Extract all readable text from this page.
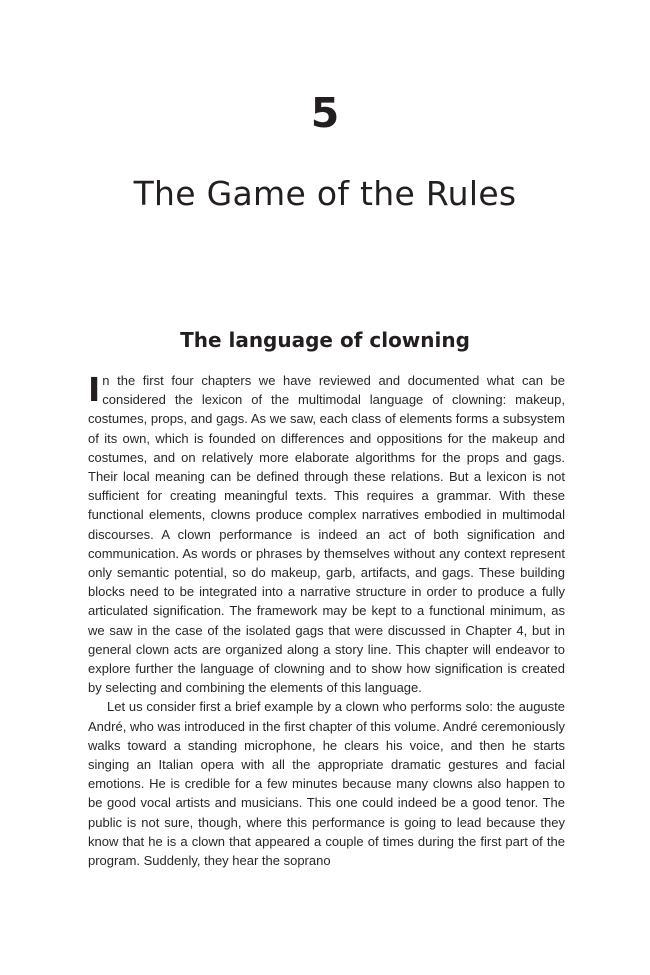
5
The Game of the Rules
The language of clowning

In the first four chapters we have reviewed and documented what can be considered the lexicon of the multimodal language of clowning: makeup, costumes, props, and gags. As we saw, each class of elements forms a subsystem of its own, which is founded on differences and oppositions for the makeup and costumes, and on relatively more elaborate algorithms for the props and gags. Their local meaning can be defined through these relations. But a lexicon is not sufficient for creating meaningful texts. This requires a grammar. With these functional elements, clowns produce complex narratives embodied in multimodal discourses. A clown performance is indeed an act of both signification and communication. As words or phrases by themselves without any context represent only semantic potential, so do makeup, garb, artifacts, and gags. These building blocks need to be integrated into a narrative structure in order to produce a fully articulated signification. The framework may be kept to a functional minimum, as we saw in the case of the isolated gags that were discussed in Chapter 4, but in general clown acts are organized along a story line. This chapter will endeavor to explore further the language of clowning and to show how signification is created by selecting and combining the elements of this language.

Let us consider first a brief example by a clown who performs solo: the auguste André, who was introduced in the first chapter of this volume. André ceremoniously walks toward a standing microphone, he clears his voice, and then he starts singing an Italian opera with all the appropriate dramatic gestures and facial emotions. He is credible for a few minutes because many clowns also happen to be good vocal artists and musicians. This one could indeed be a good tenor. The public is not sure, though, where this performance is going to lead because they know that he is a clown that appeared a couple of times during the first part of the program. Suddenly, they hear the soprano
